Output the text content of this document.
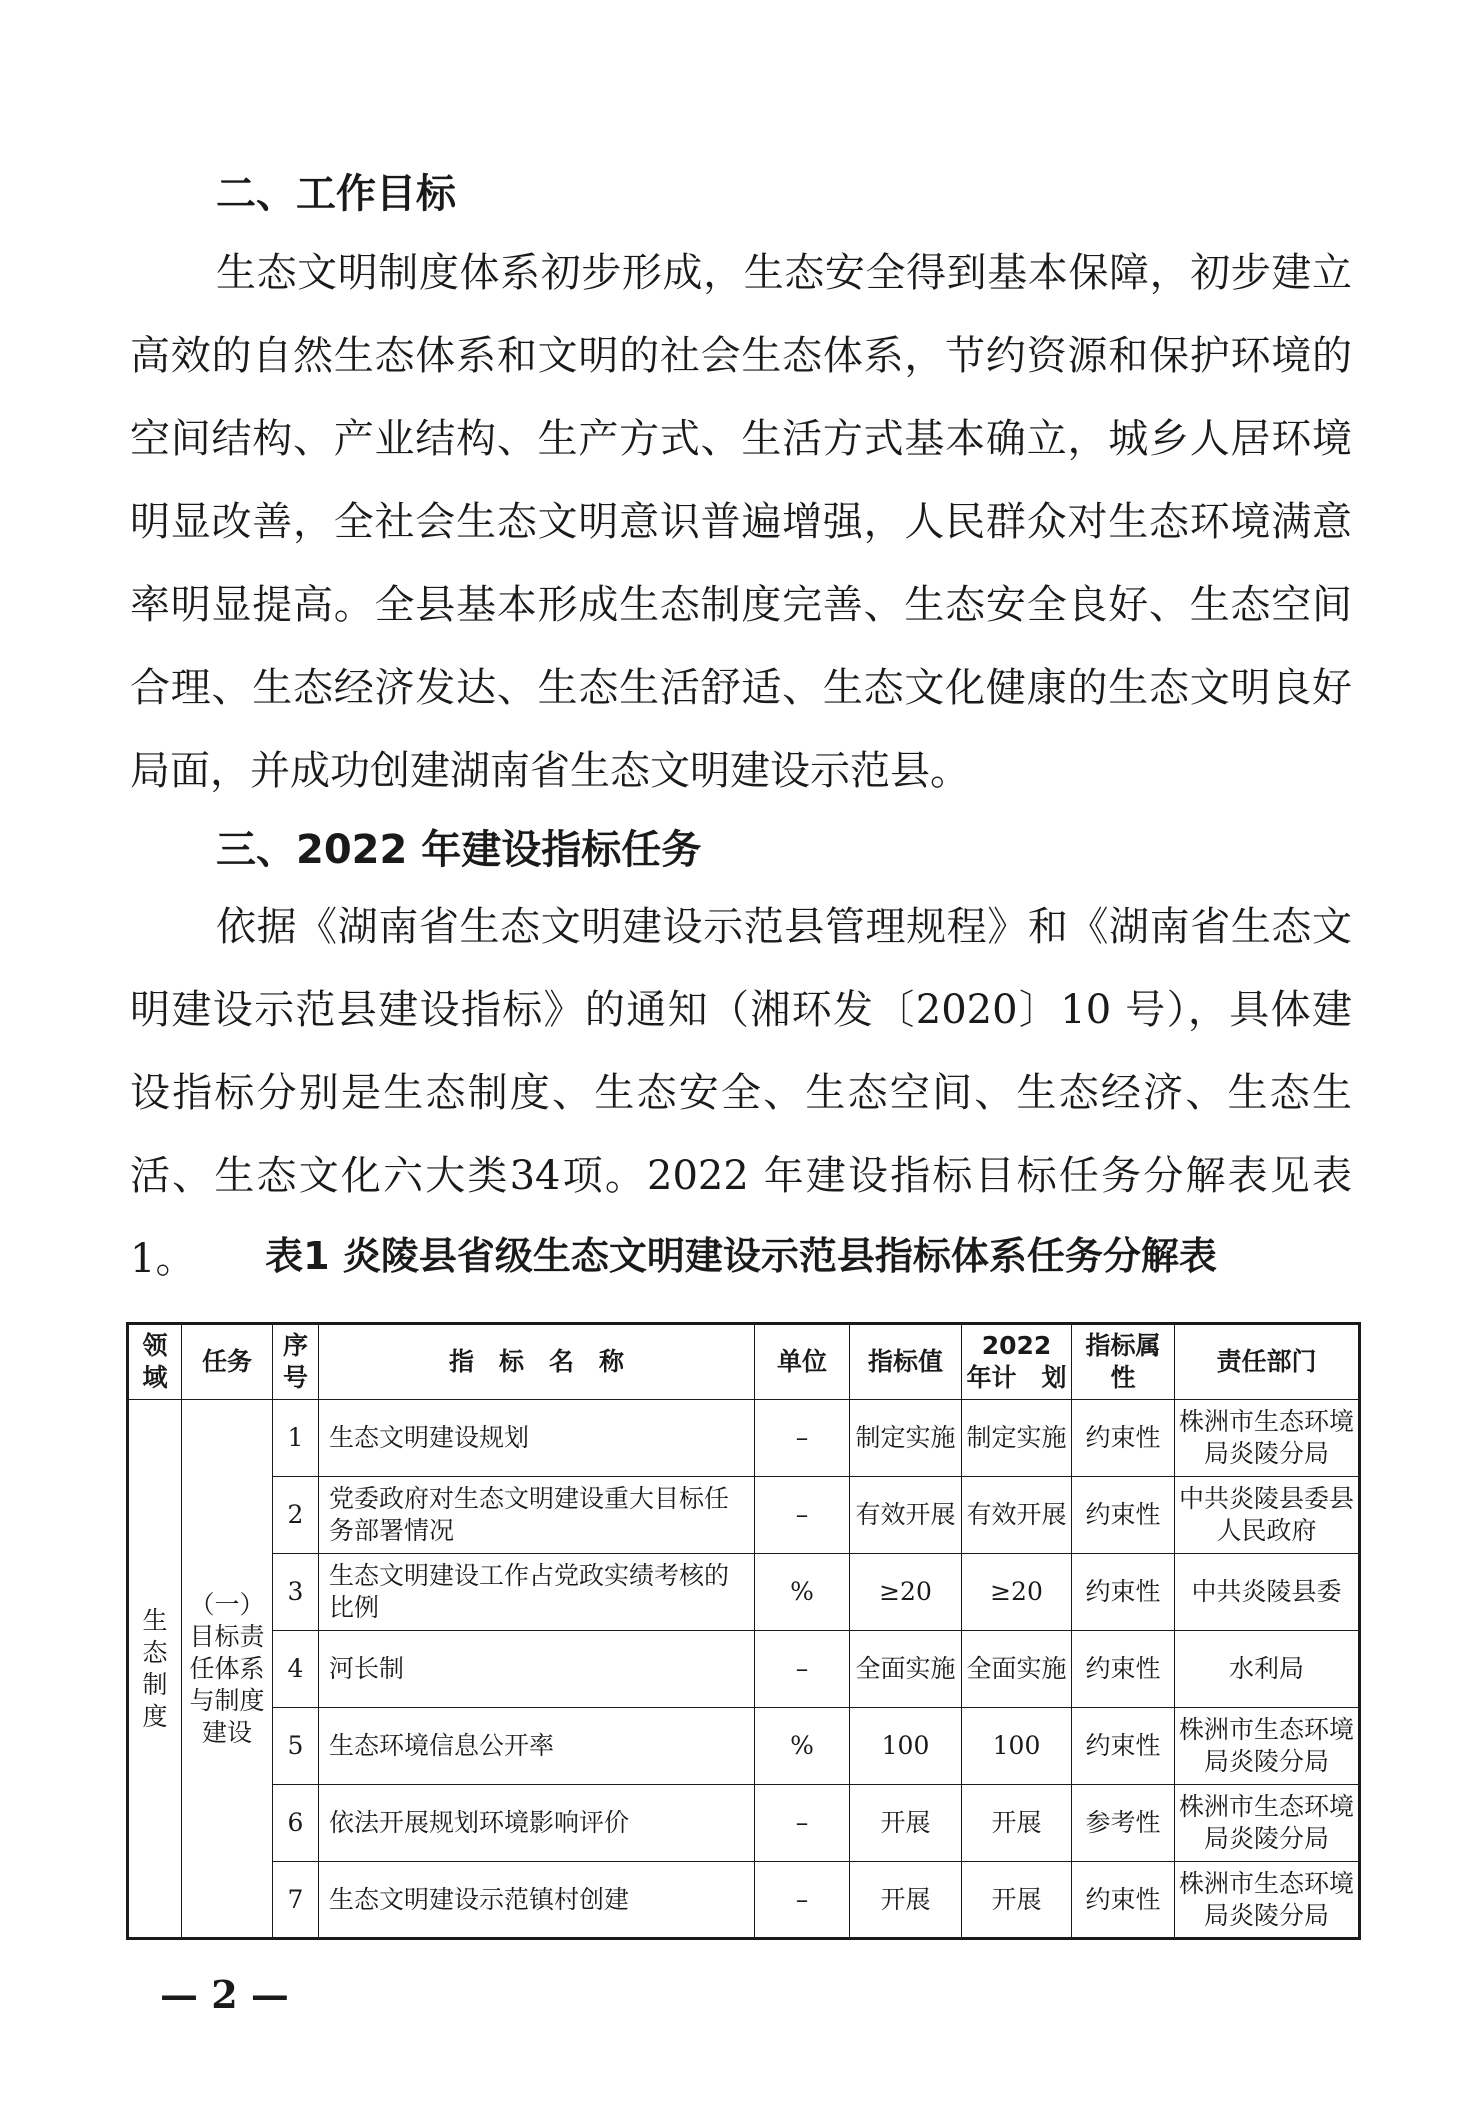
二、工作目标

生态文明制度体系初步形成，生态安全得到基本保障，初步建立高效的自然生态体系和文明的社会生态体系，节约资源和保护环境的空间结构、产业结构、生产方式、生活方式基本确立，城乡人居环境明显改善，全社会生态文明意识普遍增强，人民群众对生态环境满意率明显提高。全县基本形成生态制度完善、生态安全良好、生态空间合理、生态经济发达、生态生活舒适、生态文化健康的生态文明良好局面，并成功创建湖南省生态文明建设示范县。

三、2022 年建设指标任务

依据《湖南省生态文明建设示范县管理规程》和《湖南省生态文明建设示范县建设指标》的通知（湘环发〔2020〕10 号），具体建设指标分别是生态制度、生态安全、生态空间、生态经济、生态生活、生态文化六大类34项。2022 年建设指标目标任务分解表见表1。	表1 炎陵县省级生态文明建设示范县指标体系任务分解表
领域	任务	序号	指　标　名　称	单位	指标值	2022 年计　划	指标属性	责任部门
生态制度	（一）目标责任体系与制度建设	1	生态文明建设规划	–	制定实施	制定实施	约束性	株洲市生态环境局炎陵分局
		2	党委政府对生态文明建设重大目标任务部署情况	–	有效开展	有效开展	约束性	中共炎陵县委县人民政府
		3	生态文明建设工作占党政实绩考核的比例	%	≥20	≥20	约束性	中共炎陵县委
		4	河长制	–	全面实施	全面实施	约束性	水利局
		5	生态环境信息公开率	%	100	100	约束性	株洲市生态环境局炎陵分局
		6	依法开展规划环境影响评价	–	开展	开展	参考性	株洲市生态环境局炎陵分局
		7	生态文明建设示范镇村创建	–	开展	开展	约束性	株洲市生态环境局炎陵分局

— 2 —
